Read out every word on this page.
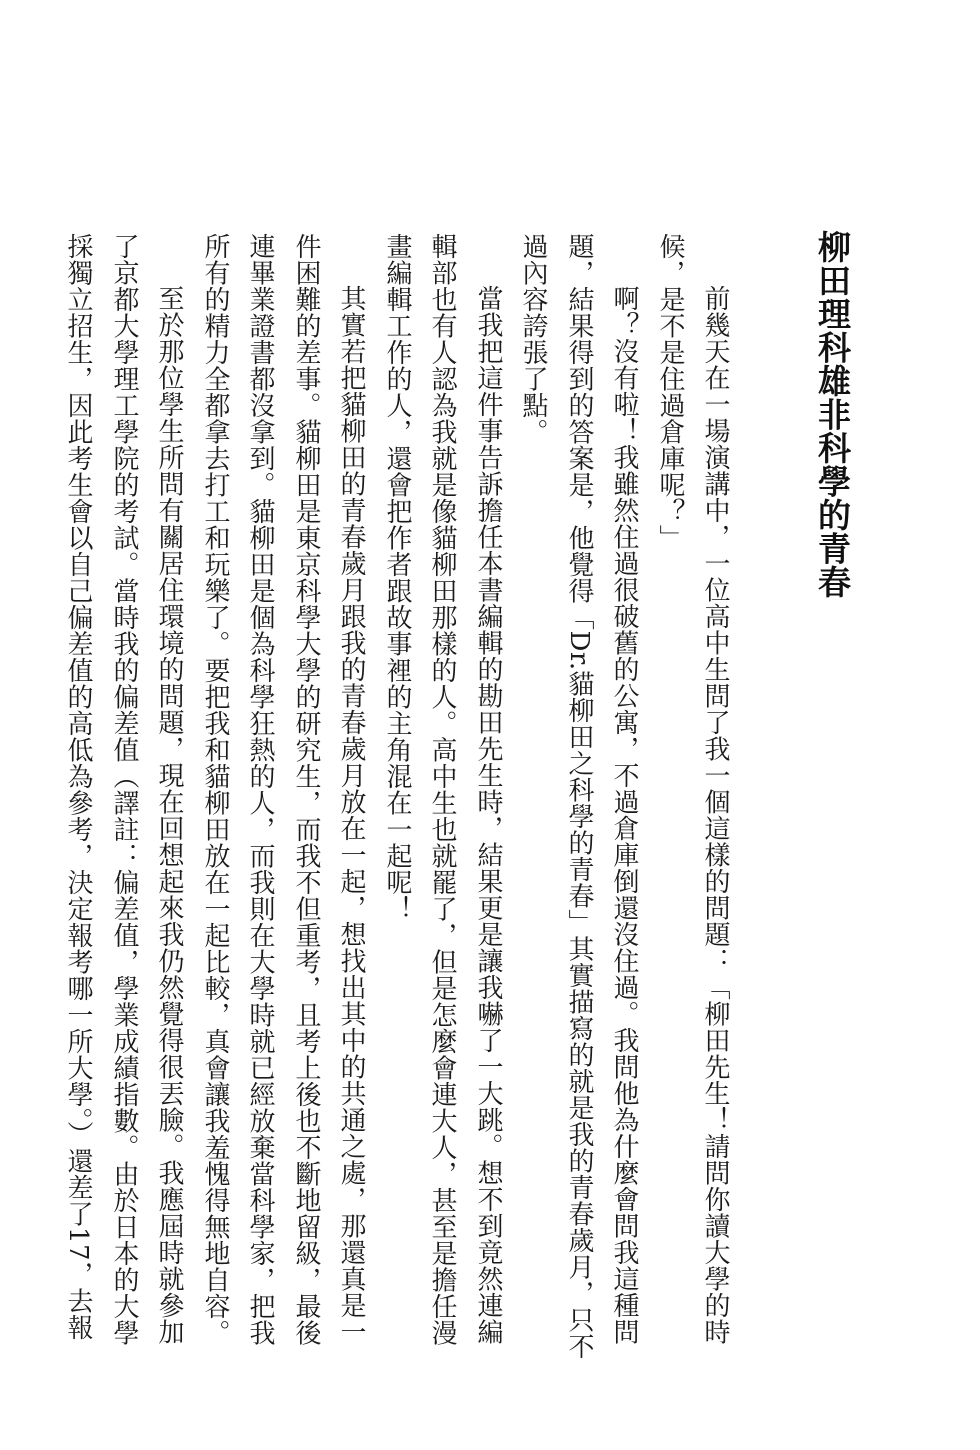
柳田理科雄非科學的青春
前幾天在一場演講中，一位高中生問了我一個這樣的問題：「柳田先生！請問你讀大學的時
候，是不是住過倉庫呢？」
啊？沒有啦！我雖然住過很破舊的公寓，不過倉庫倒還沒住過。我問他為什麼會問我這種問
題，結果得到的答案是，他覺得「Dr.貓柳田之科學的青春」其實描寫的就是我的青春歲月，只不
過內容誇張了點。
當我把這件事告訴擔任本書編輯的勘田先生時，結果更是讓我嚇了一大跳。想不到竟然連編
輯部也有人認為我就是像貓柳田那樣的人。高中生也就罷了，但是怎麼會連大人，甚至是擔任漫
畫編輯工作的人，還會把作者跟故事裡的主角混在一起呢！
其實若把貓柳田的青春歲月跟我的青春歲月放在一起，想找出其中的共通之處，那還真是一
件困難的差事。貓柳田是東京科學大學的研究生，而我不但重考，且考上後也不斷地留級，最後
連畢業證書都沒拿到。貓柳田是個為科學狂熱的人，而我則在大學時就已經放棄當科學家，把我
所有的精力全都拿去打工和玩樂了。要把我和貓柳田放在一起比較，真會讓我羞愧得無地自容。
至於那位學生所問有關居住環境的問題，現在回想起來我仍然覺得很丟臉。我應屆時就參加
了京都大學理工學院的考試。當時我的偏差值（譯註：偏差值，學業成績指數。由於日本的大學
採獨立招生，因此考生會以自己偏差值的高低為參考，決定報考哪一所大學。）還差了17，去報
